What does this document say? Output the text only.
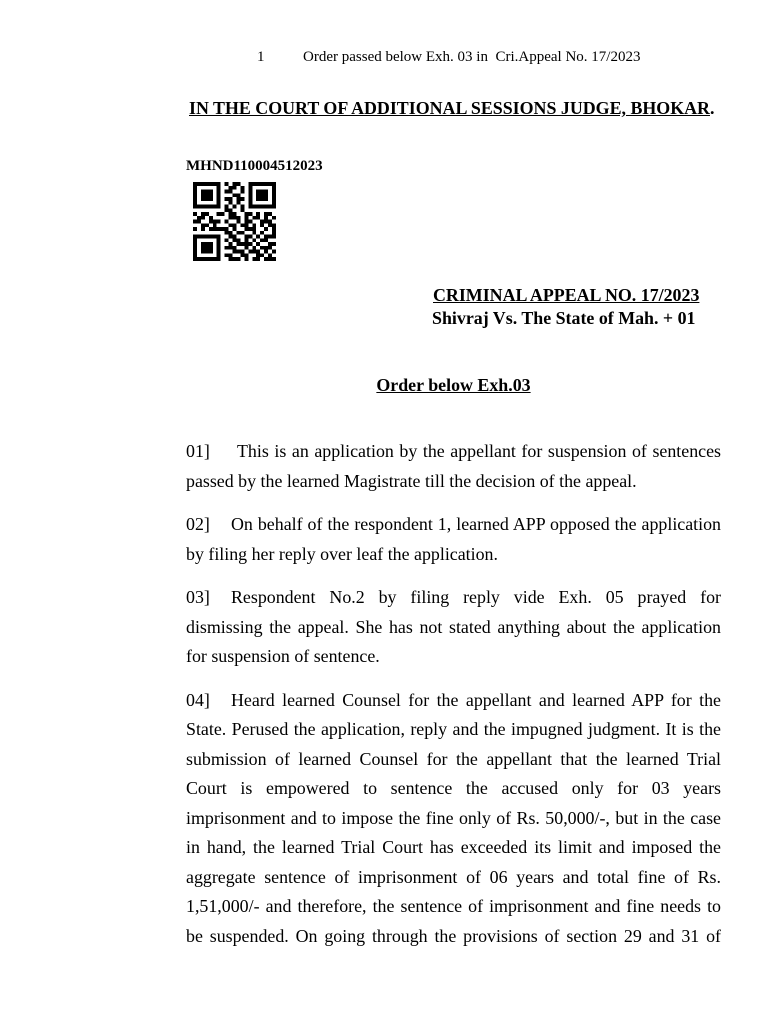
1	Order passed below Exh. 03 in  Cri.Appeal No. 17/2023
IN THE COURT OF ADDITIONAL SESSIONS JUDGE, BHOKAR.
MHND110004512023
CRIMINAL APPEAL NO. 17/2023
Shivraj Vs. The State of Mah. + 01
Order below Exh.03
01]	This is an application by the appellant for suspension of sentences
passed by the learned Magistrate till the decision of the appeal.
02]	On behalf of the respondent 1, learned APP opposed the application
by filing her reply over leaf the application.
03]	Respondent No.2 by filing reply vide Exh. 05 prayed for
dismissing the appeal. She has not stated anything about the application
for suspension of sentence.
04]	Heard learned Counsel for the appellant and learned APP for the
State. Perused the application, reply and the impugned judgment. It is the
submission of learned Counsel for the appellant that the learned Trial
Court is empowered to sentence the accused only for 03 years
imprisonment and to impose the fine only of Rs. 50,000/-, but in the case
in hand, the learned Trial Court has exceeded its limit and imposed the
aggregate sentence of imprisonment of 06 years and total fine of Rs.
1,51,000/- and therefore, the sentence of imprisonment and fine needs to
be suspended. On going through the provisions of section 29 and 31 of
